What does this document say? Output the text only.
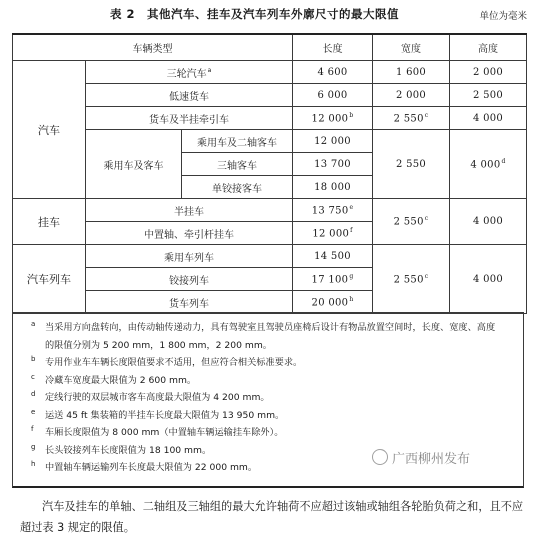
表 2　其他汽车、挂车及汽车列车外廓尺寸的最大限值	单位为毫米
车辆类型			长度	宽度	高度
汽车	三轮汽车$^a$		4 600	1 600	2 000
	低速货车		6 000	2 000	2 500
	货车及半挂牵引车		12 000$^b$	2 550$^c$	4 000
	乘用车及客车	乘用车及二轴客车	12 000	2 550	4 000$^d$
		三轴客车	13 700		
		单铰接客车	18 000		
挂车	半挂车		13 750e	2 550$^c$	4 000
	中置轴、牵引杆挂车		12 000$^f$
汽车列车	乘用车列车		14 500	2 550$^c$	4 000
	铰接列车		17 100$^g$
	货车列车		20 000$^h$
a 当采用方向盘转向，由传动轴传递动力，具有驾驶室且驾驶员座椅后设计有物品放置空间时，长度、宽度、高度
的限值分别为 5 200 mm，1 800 mm，2 200 mm。
b 专用作业车车辆长度限值要求不适用，但应符合相关标准要求。
c 冷藏车宽度最大限值为 2 600 mm。
d 定线行驶的双层城市客车高度最大限值为 4 200 mm。
e 运送 45 ft 集装箱的半挂车长度最大限值为 13 950 mm。
f 车厢长度限值为 8 000 mm（中置轴车辆运输挂车除外）。
g 长头铰接列车长度限值为 18 100 mm。
h 中置轴车辆运输列车长度最大限值为 22 000 mm。
广西柳州发布
汽车及挂车的单轴、二轴组及三轴组的最大允许轴荷不应超过该轴或轴组各轮胎负荷之和，且不应超过表 3 规定的限值。
